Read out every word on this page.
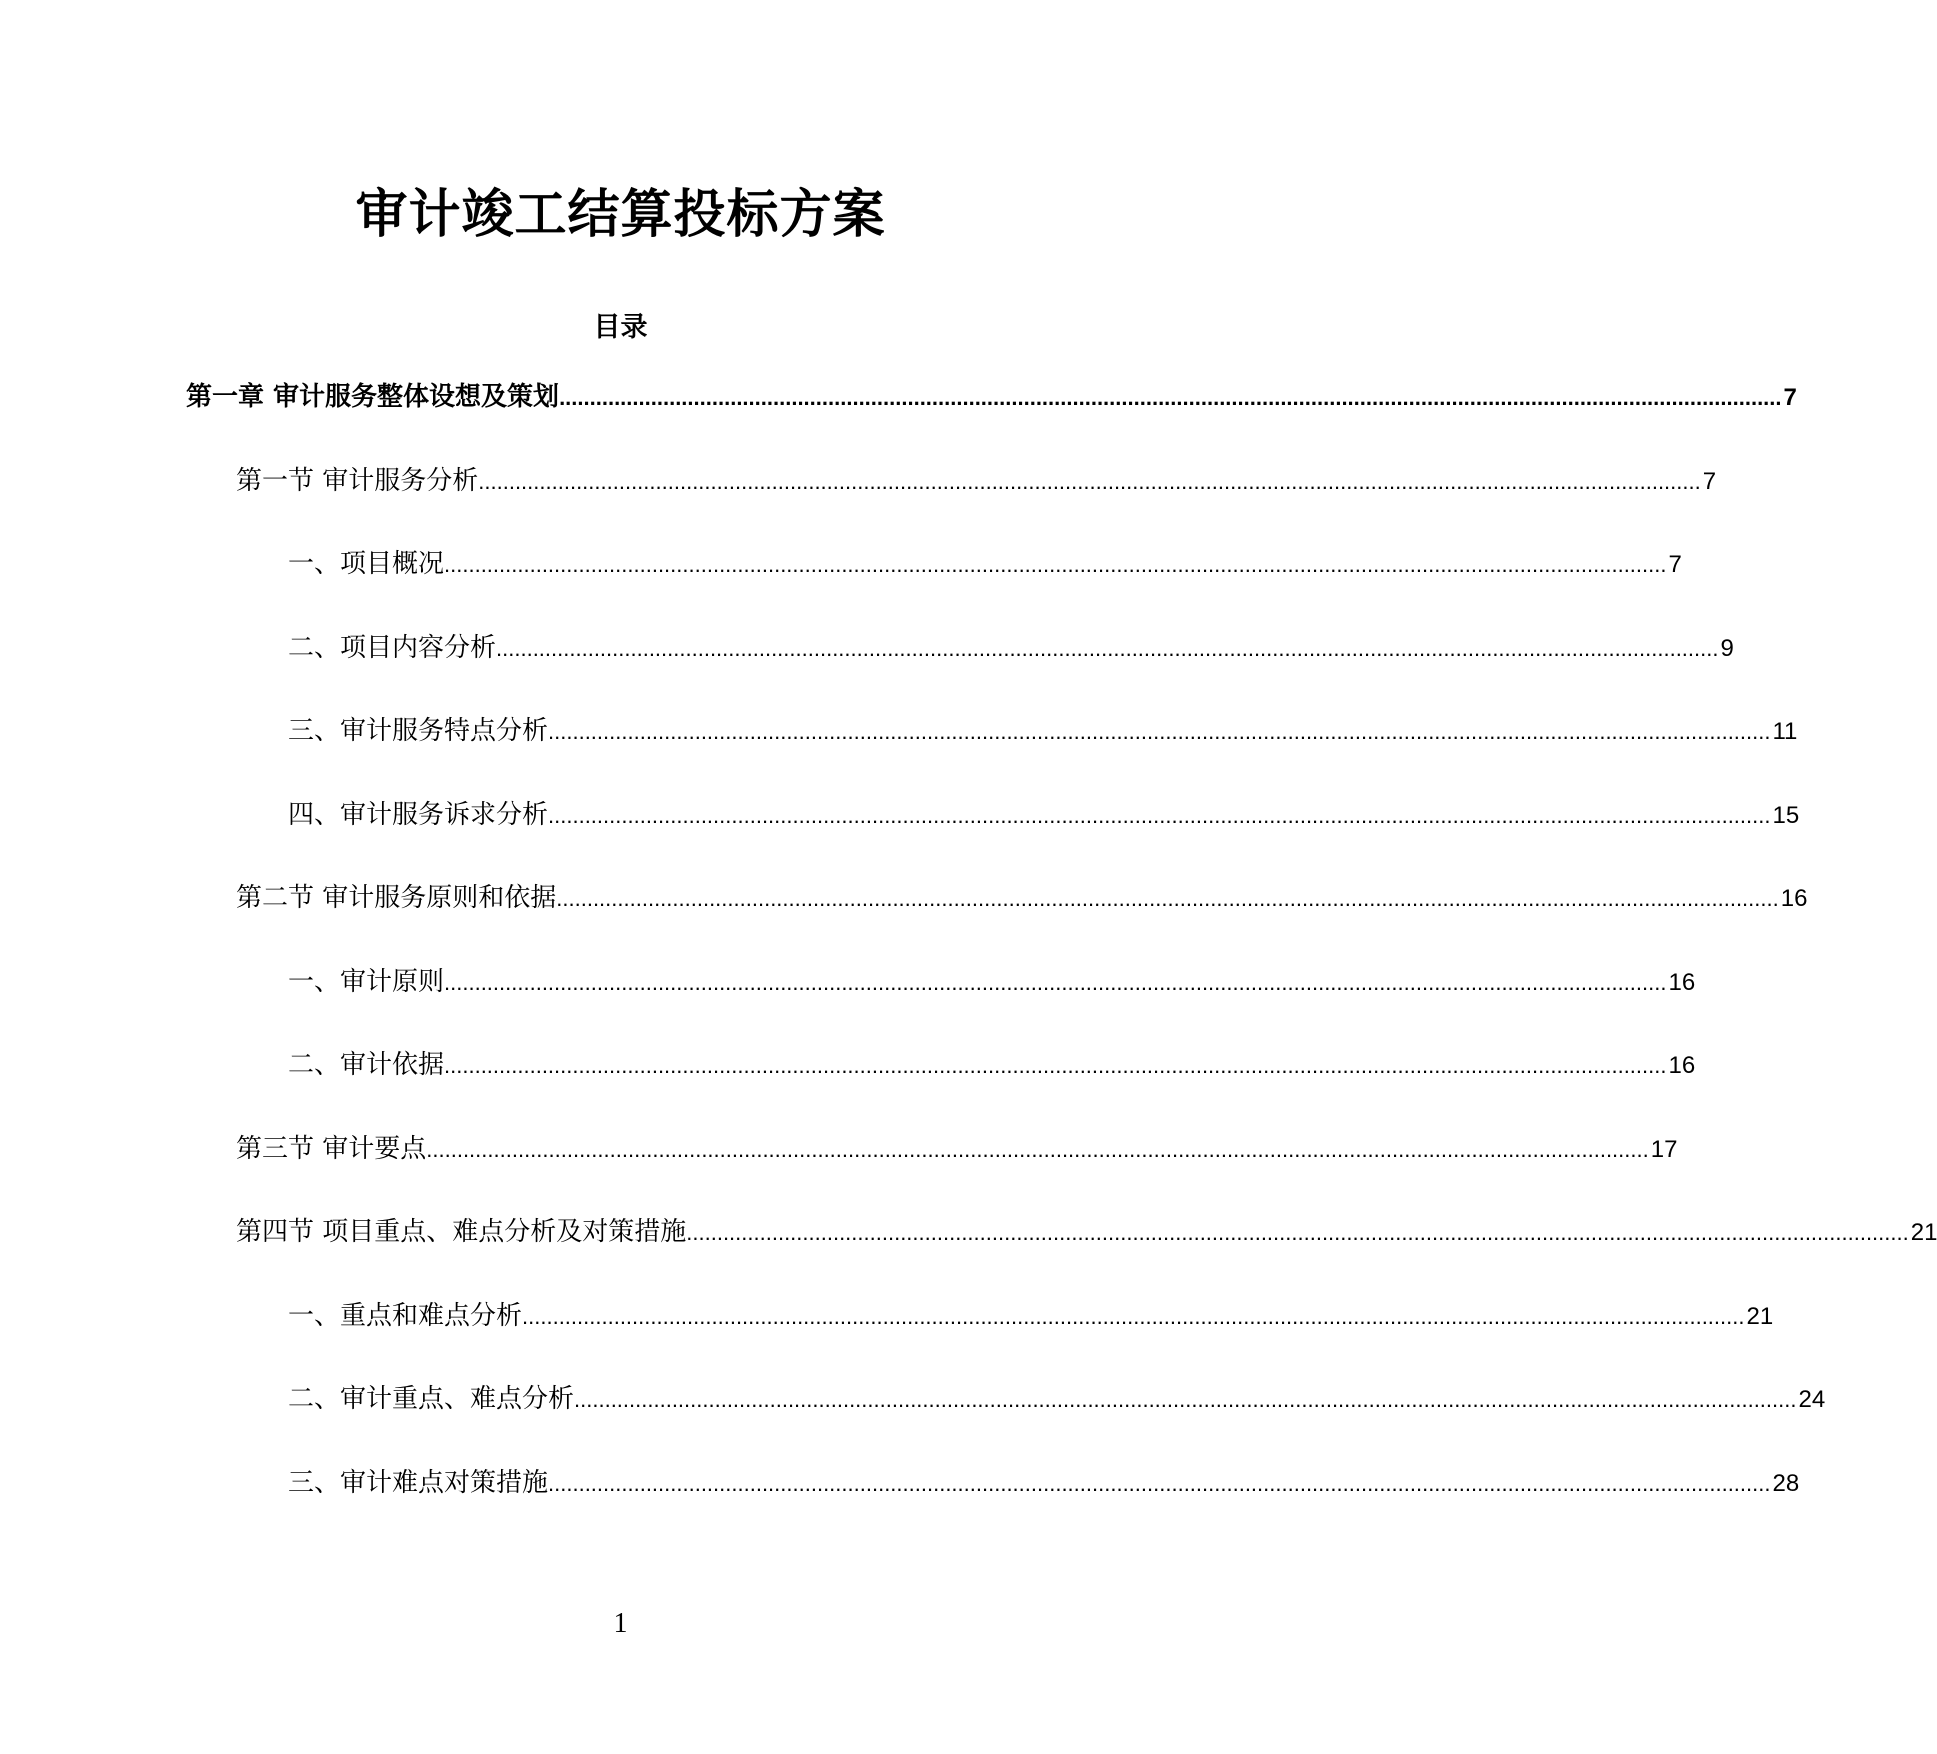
审计竣工结算投标方案
目录
第一章 审计服务整体设想及策划 ........................................................................................................................................................................................................ 7
第一节 审计服务分析 ........................................................................................................................................................................................................ 7
一、项目概况 ........................................................................................................................................................................................................ 7
二、项目内容分析 ........................................................................................................................................................................................................ 9
三、审计服务特点分析 ........................................................................................................................................................................................................ 11
四、审计服务诉求分析 ........................................................................................................................................................................................................ 15
第二节 审计服务原则和依据 ........................................................................................................................................................................................................ 16
一、审计原则 ........................................................................................................................................................................................................ 16
二、审计依据 ........................................................................................................................................................................................................ 16
第三节 审计要点 ........................................................................................................................................................................................................ 17
第四节 项目重点、难点分析及对策措施 ........................................................................................................................................................................................................ 21
一、重点和难点分析 ........................................................................................................................................................................................................ 21
二、审计重点、难点分析 ........................................................................................................................................................................................................ 24
三、审计难点对策措施 ........................................................................................................................................................................................................ 28
1
